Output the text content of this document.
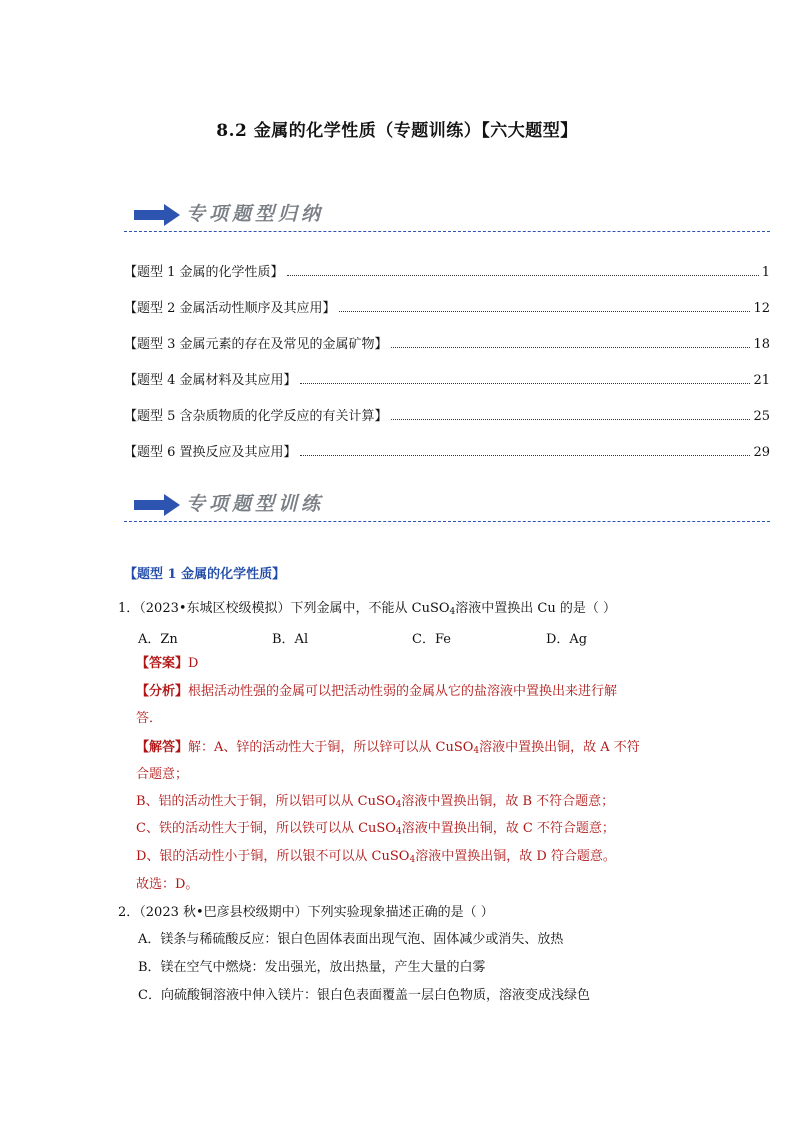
8.2 金属的化学性质（专题训练）【六大题型】
专项题型归纳
【题型 1 金属的化学性质】	1
【题型 2 金属活动性顺序及其应用】	12
【题型 3 金属元素的存在及常见的金属矿物】	18
【题型 4 金属材料及其应用】	21
【题型 5 含杂质物质的化学反应的有关计算】	25
【题型 6 置换反应及其应用】	29
专项题型训练
【题型 1 金属的化学性质】
1．（2023•东城区校级模拟）下列金属中，不能从 CuSO$_4$溶液中置换出 Cu 的是（ ）
A．Zn	B．Al	C．Fe	D．Ag
【答案】D
【分析】根据活动性强的金属可以把活动性弱的金属从它的盐溶液中置换出来进行解
答．
【解答】解：A、锌的活动性大于铜，所以锌可以从 CuSO$_4$溶液中置换出铜，故 A 不符
合题意；
B、铝的活动性大于铜，所以铝可以从 CuSO$_4$溶液中置换出铜，故 B 不符合题意；
C、铁的活动性大于铜，所以铁可以从 CuSO$_4$溶液中置换出铜，故 C 不符合题意；
D、银的活动性小于铜，所以银不可以从 CuSO$_4$溶液中置换出铜，故 D 符合题意。
故选：D。
2．（2023 秋•巴彦县校级期中）下列实验现象描述正确的是（ ）
A．镁条与稀硫酸反应：银白色固体表面出现气泡、固体减少或消失、放热
B．镁在空气中燃烧：发出强光，放出热量，产生大量的白雾
C．向硫酸铜溶液中伸入镁片：银白色表面覆盖一层白色物质，溶液变成浅绿色
